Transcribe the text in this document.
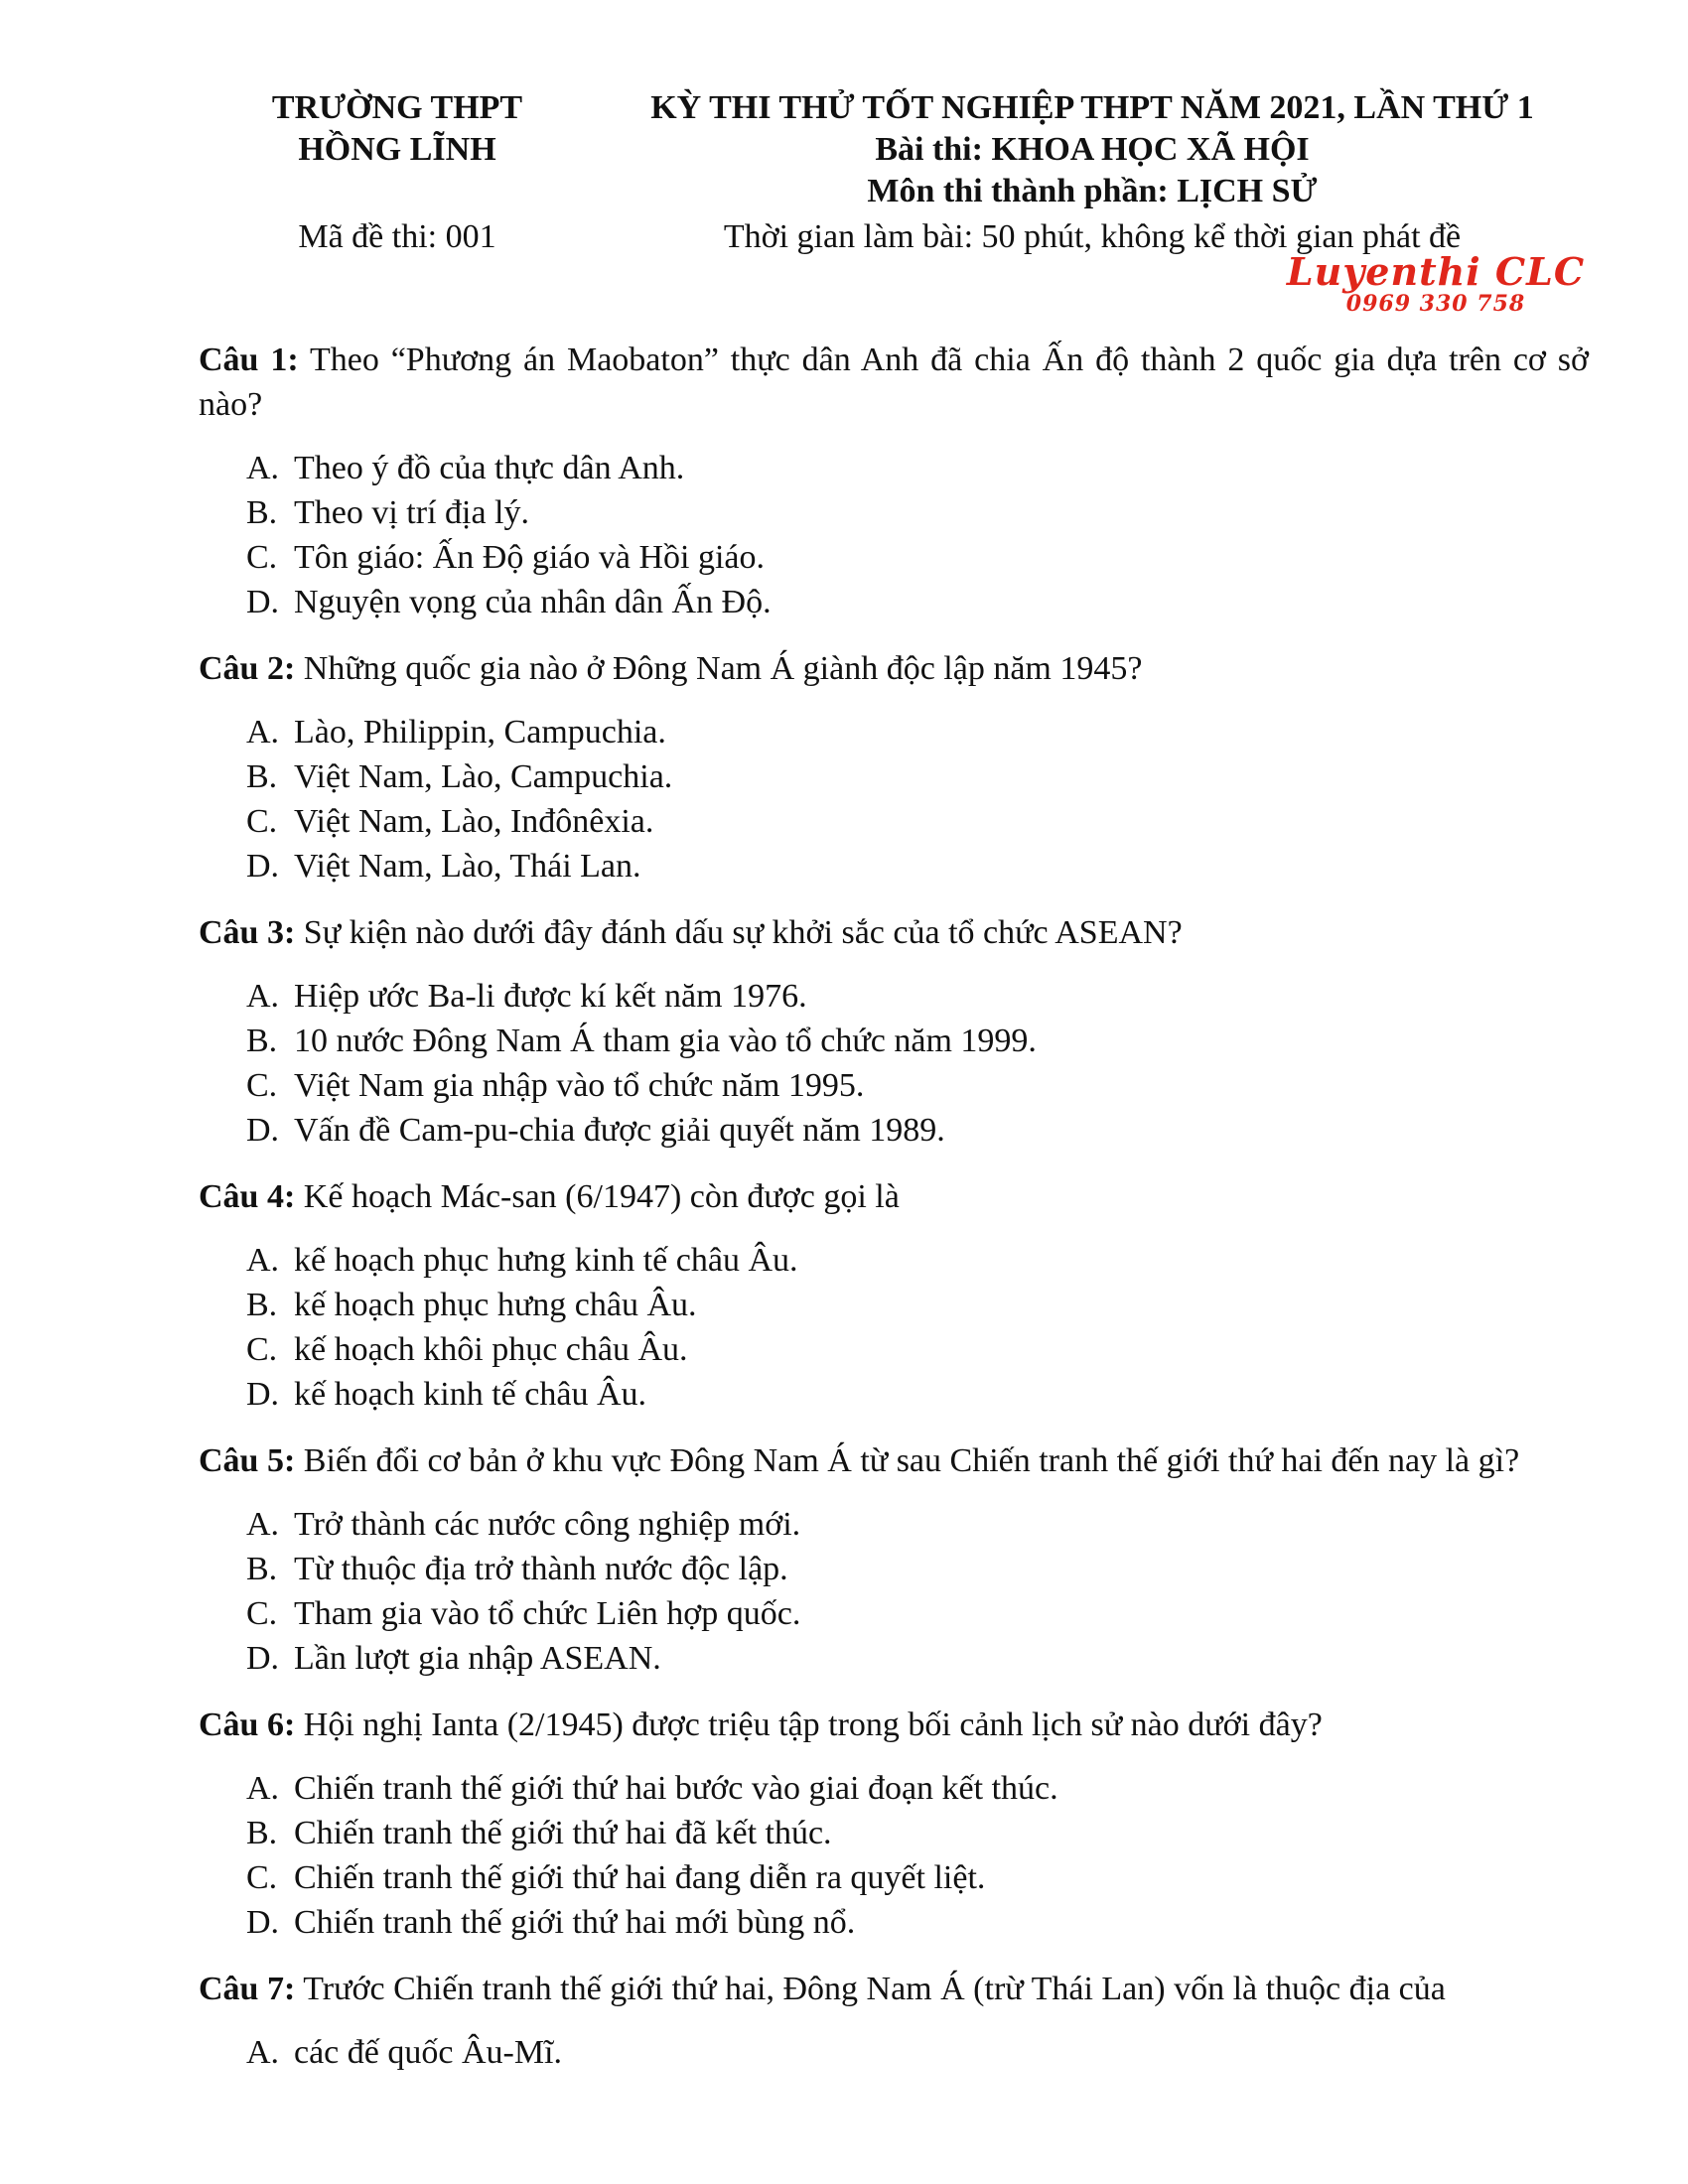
TRƯỜNG THPT
HỒNG LĨNH
Mã đề thi: 001
KỲ THI THỬ TỐT NGHIỆP THPT NĂM 2021, LẦN THỨ 1
Bài thi: KHOA HỌC XÃ HỘI
Môn thi thành phần: LỊCH SỬ
Thời gian làm bài: 50 phút, không kể thời gian phát đề
Luyenthi CLC
0969 330 758
Câu 1: Theo “Phương án Maobaton” thực dân Anh đã chia Ấn độ thành 2 quốc gia dựa trên cơ sở nào?
A. Theo ý đồ của thực dân Anh.
B. Theo vị trí địa lý.
C. Tôn giáo: Ấn Độ giáo và Hồi giáo.
D. Nguyện vọng của nhân dân Ấn Độ.
Câu 2: Những quốc gia nào ở Đông Nam Á giành độc lập năm 1945?
A. Lào, Philippin, Campuchia.
B. Việt Nam, Lào, Campuchia.
C. Việt Nam, Lào, Inđônêxia.
D. Việt Nam, Lào, Thái Lan.
Câu 3: Sự kiện nào dưới đây đánh dấu sự khởi sắc của tổ chức ASEAN?
A. Hiệp ước Ba-li được kí kết năm 1976.
B. 10 nước Đông Nam Á tham gia vào tổ chức năm 1999.
C. Việt Nam gia nhập vào tổ chức năm 1995.
D. Vấn đề Cam-pu-chia được giải quyết năm 1989.
Câu 4: Kế hoạch Mác-san (6/1947) còn được gọi là
A. kế hoạch phục hưng kinh tế châu Âu.
B. kế hoạch phục hưng châu Âu.
C. kế hoạch khôi phục châu Âu.
D. kế hoạch kinh tế châu Âu.
Câu 5: Biến đổi cơ bản ở khu vực Đông Nam Á từ sau Chiến tranh thế giới thứ hai đến nay là gì?
A. Trở thành các nước công nghiệp mới.
B. Từ thuộc địa trở thành nước độc lập.
C. Tham gia vào tổ chức Liên hợp quốc.
D. Lần lượt gia nhập ASEAN.
Câu 6: Hội nghị Ianta (2/1945) được triệu tập trong bối cảnh lịch sử nào dưới đây?
A. Chiến tranh thế giới thứ hai bước vào giai đoạn kết thúc.
B. Chiến tranh thế giới thứ hai đã kết thúc.
C. Chiến tranh thế giới thứ hai đang diễn ra quyết liệt.
D. Chiến tranh thế giới thứ hai mới bùng nổ.
Câu 7: Trước Chiến tranh thế giới thứ hai, Đông Nam Á (trừ Thái Lan) vốn là thuộc địa của
A. các đế quốc Âu-Mĩ.
